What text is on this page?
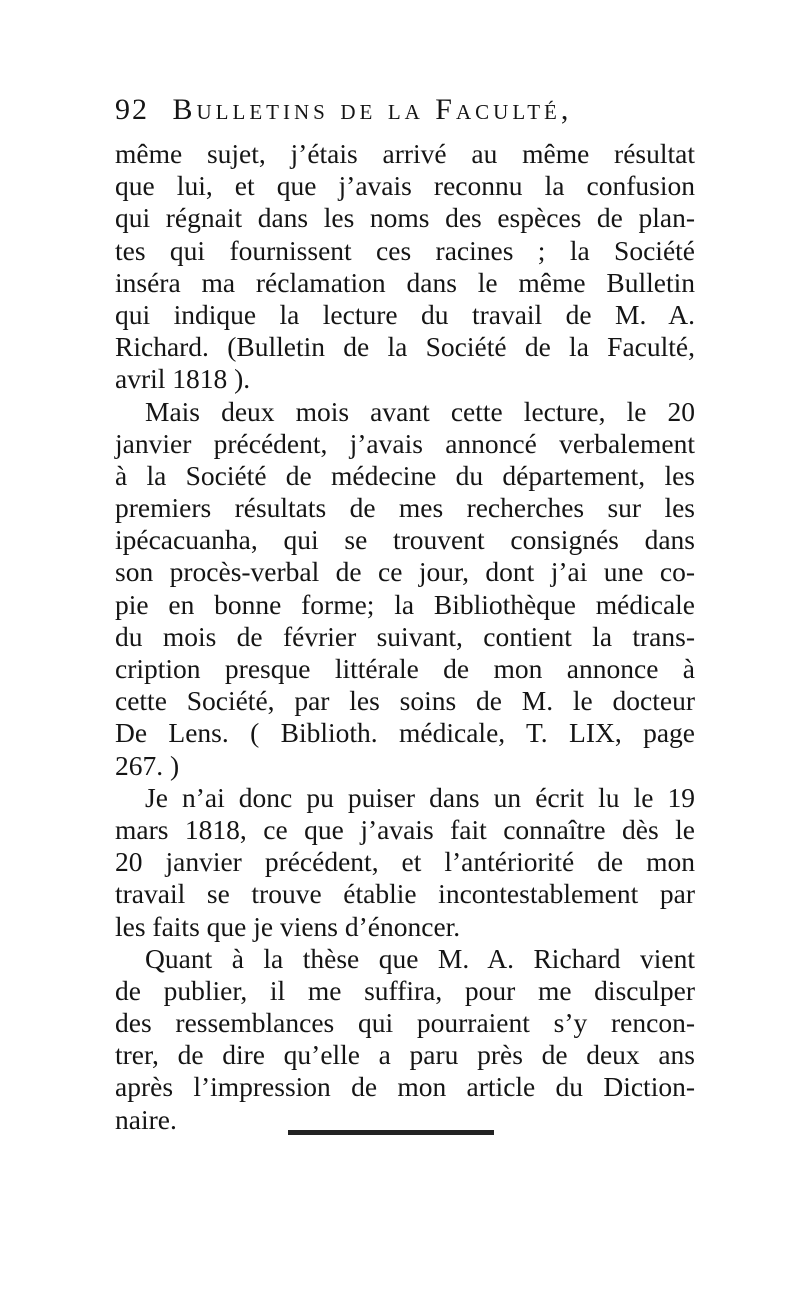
92 Bulletins de la Faculté,
même sujet, j’étais arrivé au même résultat
que lui, et que j’avais reconnu la confusion
qui régnait dans les noms des espèces de plan-
tes qui fournissent ces racines ; la Société
inséra ma réclamation dans le même Bulletin
qui indique la lecture du travail de M. A.
Richard. (Bulletin de la Société de la Faculté,
avril 1818 ).
Mais deux mois avant cette lecture, le 20
janvier précédent, j’avais annoncé verbalement
à la Société de médecine du département, les
premiers résultats de mes recherches sur les
ipécacuanha, qui se trouvent consignés dans
son procès-verbal de ce jour, dont j’ai une co-
pie en bonne forme; la Bibliothèque médicale
du mois de février suivant, contient la trans-
cription presque littérale de mon annonce à
cette Société, par les soins de M. le docteur
De Lens. ( Biblioth. médicale, T. LIX, page
267. )
Je n’ai donc pu puiser dans un écrit lu le 19
mars 1818, ce que j’avais fait connaître dès le
20 janvier précédent, et l’antériorité de mon
travail se trouve établie incontestablement par
les faits que je viens d’énoncer.
Quant à la thèse que M. A. Richard vient
de publier, il me suffira, pour me disculper
des ressemblances qui pourraient s’y rencon-
trer, de dire qu’elle a paru près de deux ans
après l’impression de mon article du Diction-
naire.
